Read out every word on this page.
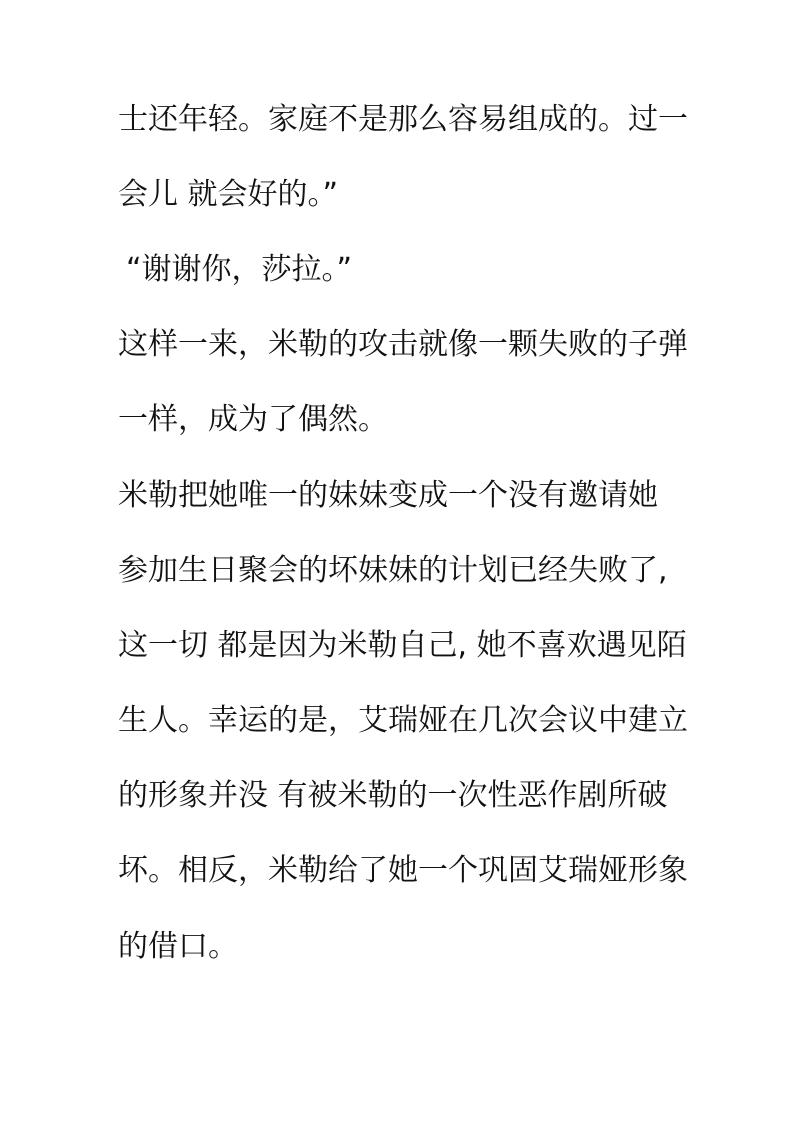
士还年轻。家庭不是那么容易组成的。过一
会儿 就会好的。”
“谢谢你，莎拉。”
这样一来，米勒的攻击就像一颗失败的子弹
一样，成为了偶然。
米勒把她唯一的妹妹变成一个没有邀请她
参加生日聚会的坏妹妹的计划已经失败了,
这一切 都是因为米勒自己, 她不喜欢遇见陌
生人。幸运的是，艾瑞娅在几次会议中建立
的形象并没 有被米勒的一次性恶作剧所破
坏。相反，米勒给了她一个巩固艾瑞娅形象
的借口。
